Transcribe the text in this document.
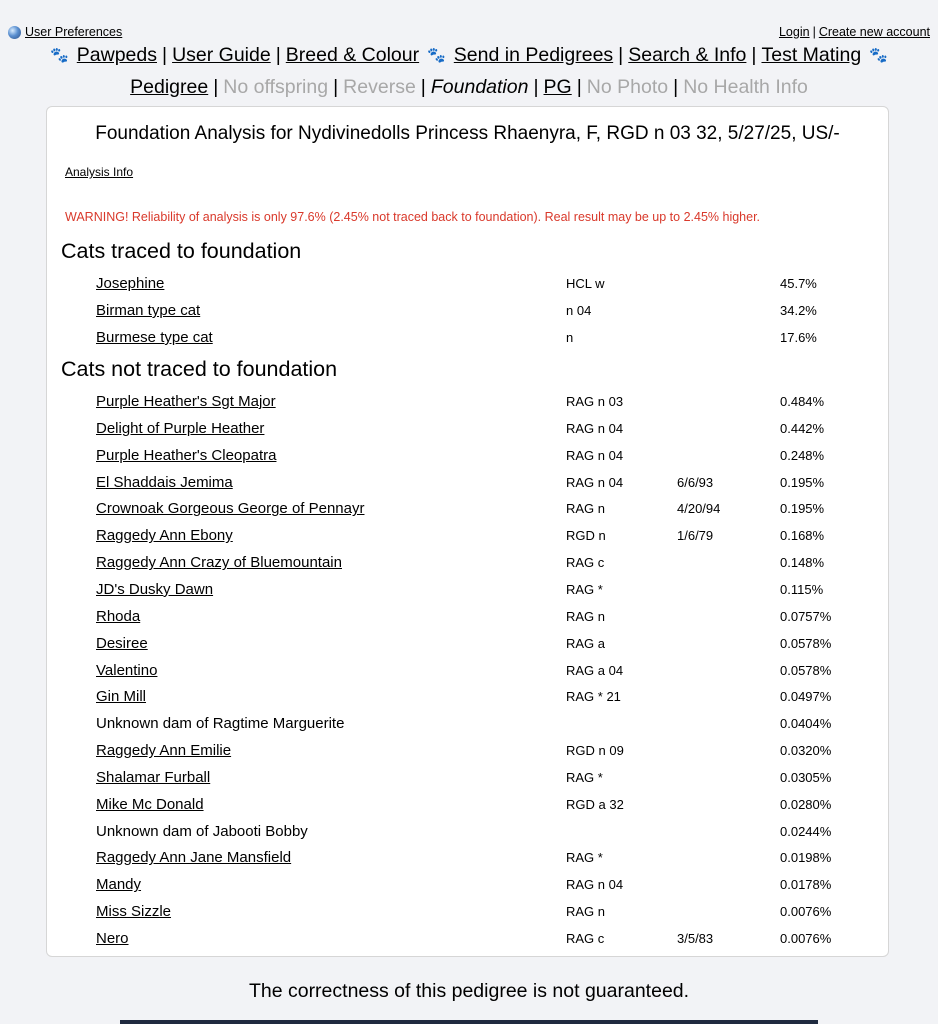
User Preferences	Login | Create new account
🐾 Pawpeds | User Guide | Breed & Colour 🐾 Send in Pedigrees | Search & Info | Test Mating 🐾
Pedigree | No offspring | Reverse | Foundation | PG | No Photo | No Health Info
Foundation Analysis for Nydivinedolls Princess Rhaenyra, F, RGD n 03 32, 5/27/25, US/-
Analysis Info
WARNING! Reliability of analysis is only 97.6% (2.45% not traced back to foundation). Real result may be up to 2.45% higher.
Cats traced to foundation
Josephine	HCL w	45.7%
Birman type cat	n 04	34.2%
Burmese type cat	n	17.6%
Cats not traced to foundation
Purple Heather's Sgt Major	RAG n 03	0.484%
Delight of Purple Heather	RAG n 04	0.442%
Purple Heather's Cleopatra	RAG n 04	0.248%
El Shaddais Jemima	RAG n 04	6/6/93	0.195%
Crownoak Gorgeous George of Pennayr	RAG n	4/20/94	0.195%
Raggedy Ann Ebony	RGD n	1/6/79	0.168%
Raggedy Ann Crazy of Bluemountain	RAG c	0.148%
JD's Dusky Dawn	RAG *	0.115%
Rhoda	RAG n	0.0757%
Desiree	RAG a	0.0578%
Valentino	RAG a 04	0.0578%
Gin Mill	RAG * 21	0.0497%
Unknown dam of Ragtime Marguerite	0.0404%
Raggedy Ann Emilie	RGD n 09	0.0320%
Shalamar Furball	RAG *	0.0305%
Mike Mc Donald	RGD a 32	0.0280%
Unknown dam of Jabooti Bobby	0.0244%
Raggedy Ann Jane Mansfield	RAG *	0.0198%
Mandy	RAG n 04	0.0178%
Miss Sizzle	RAG n	0.0076%
Nero	RAG c	3/5/83	0.0076%
The correctness of this pedigree is not guaranteed.
